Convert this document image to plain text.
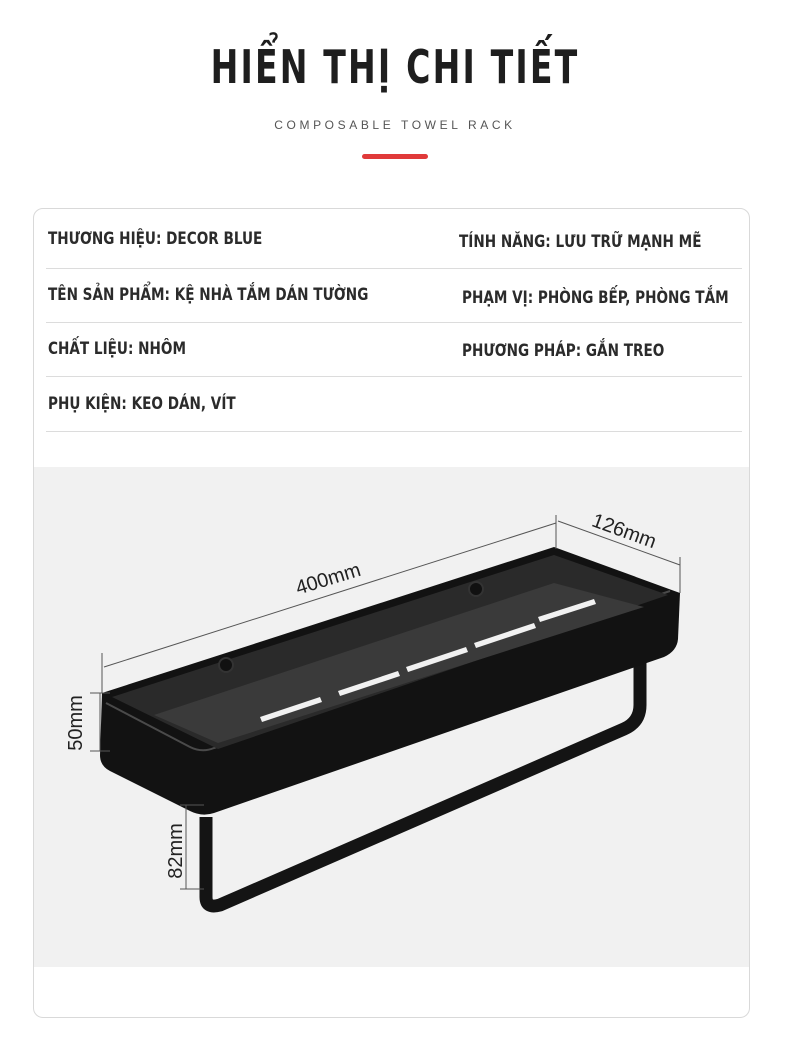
HIỂN THỊ CHI TIẾT
COMPOSABLE TOWEL RACK
THƯƠNG HIỆU: DECOR BLUE	TÍNH NĂNG: LƯU TRỮ MẠNH MẼ
TÊN SẢN PHẨM: KỆ NHÀ TẮM DÁN TƯỜNG	PHẠM VỊ: PHÒNG BẾP, PHÒNG TẮM
CHẤT LIỆU: NHÔM	PHƯƠNG PHÁP: GẮN TREO
PHỤ KIỆN: KEO DÁN, VÍT
400mm
126mm
50mm
82mm
